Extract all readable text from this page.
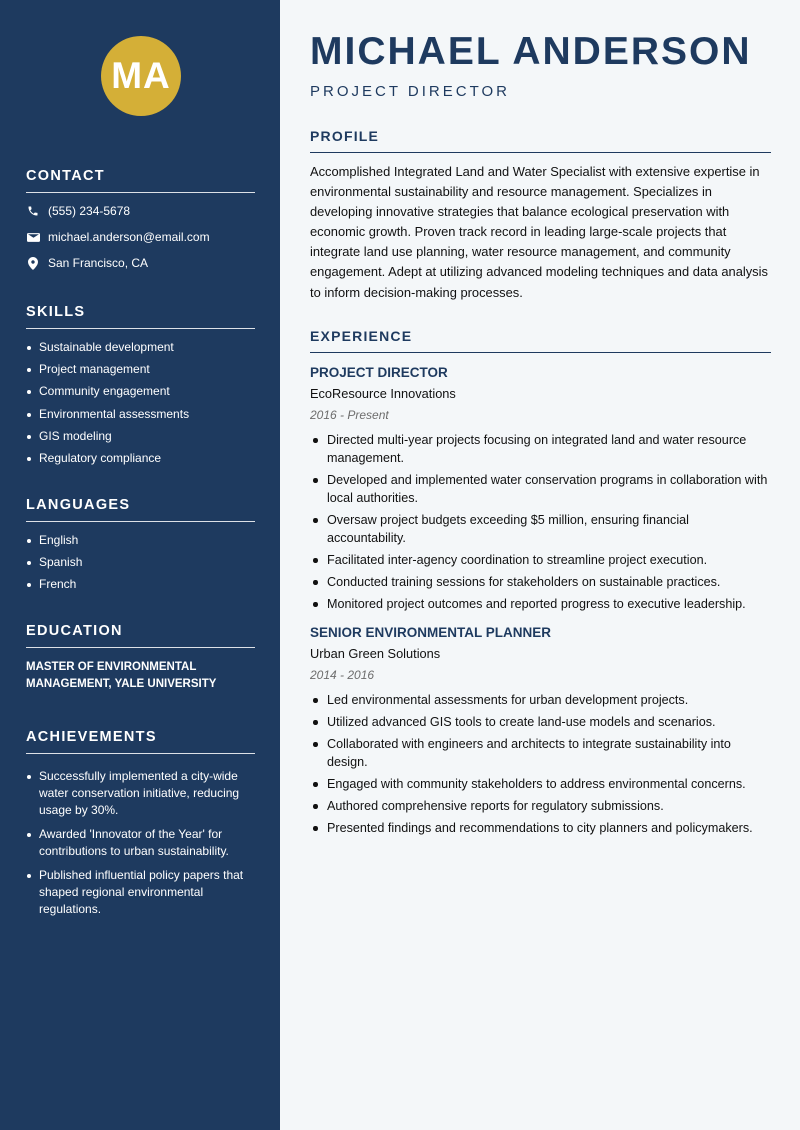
MA
CONTACT
(555) 234-5678
michael.anderson@email.com
San Francisco, CA
SKILLS
Sustainable development
Project management
Community engagement
Environmental assessments
GIS modeling
Regulatory compliance
LANGUAGES
English
Spanish
French
EDUCATION
MASTER OF ENVIRONMENTAL MANAGEMENT, YALE UNIVERSITY
ACHIEVEMENTS
Successfully implemented a city-wide water conservation initiative, reducing usage by 30%.
Awarded 'Innovator of the Year' for contributions to urban sustainability.
Published influential policy papers that shaped regional environmental regulations.
MICHAEL ANDERSON
PROJECT DIRECTOR
PROFILE
Accomplished Integrated Land and Water Specialist with extensive expertise in environmental sustainability and resource management. Specializes in developing innovative strategies that balance ecological preservation with economic growth. Proven track record in leading large-scale projects that integrate land use planning, water resource management, and community engagement. Adept at utilizing advanced modeling techniques and data analysis to inform decision-making processes.
EXPERIENCE
PROJECT DIRECTOR
EcoResource Innovations
2016 - Present
Directed multi-year projects focusing on integrated land and water resource management.
Developed and implemented water conservation programs in collaboration with local authorities.
Oversaw project budgets exceeding $5 million, ensuring financial accountability.
Facilitated inter-agency coordination to streamline project execution.
Conducted training sessions for stakeholders on sustainable practices.
Monitored project outcomes and reported progress to executive leadership.
SENIOR ENVIRONMENTAL PLANNER
Urban Green Solutions
2014 - 2016
Led environmental assessments for urban development projects.
Utilized advanced GIS tools to create land-use models and scenarios.
Collaborated with engineers and architects to integrate sustainability into design.
Engaged with community stakeholders to address environmental concerns.
Authored comprehensive reports for regulatory submissions.
Presented findings and recommendations to city planners and policymakers.
